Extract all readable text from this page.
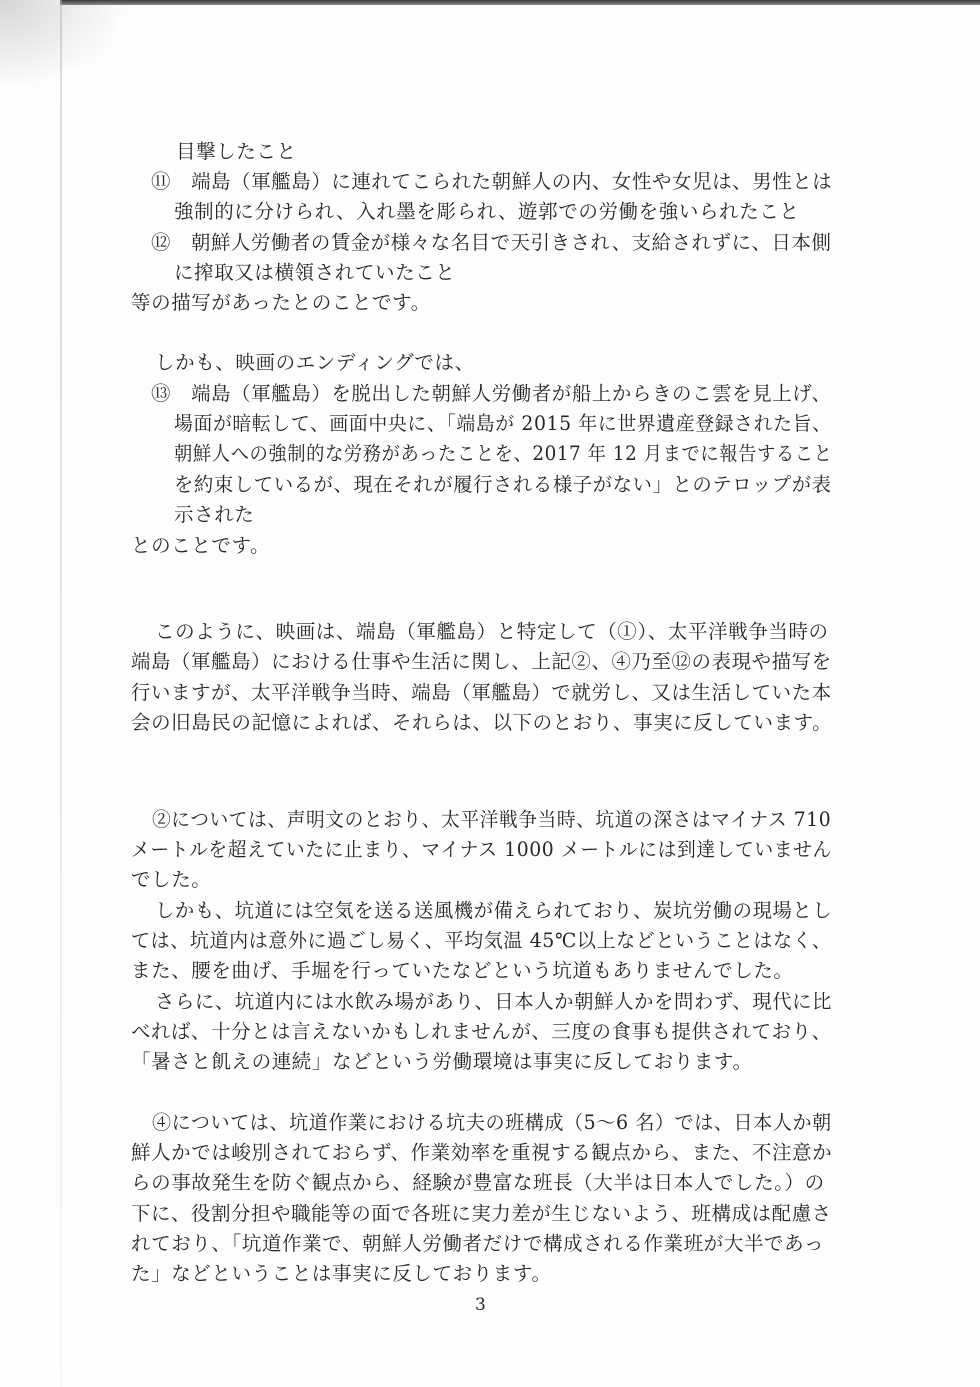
目撃したこと

⑪　端島（軍艦島）に連れてこられた朝鮮人の内、女性や女児は、男性とは

強制的に分けられ、入れ墨を彫られ、遊郭での労働を強いられたこと

⑫　朝鮮人労働者の賃金が様々な名目で天引きされ、支給されずに、日本側

に搾取又は横領されていたこと

等の描写があったとのことです。

しかも、映画のエンディングでは、

⑬　端島（軍艦島）を脱出した朝鮮人労働者が船上からきのこ雲を見上げ、

場面が暗転して、画面中央に、「端島が 2015 年に世界遺産登録された旨、

朝鮮人への強制的な労務があったことを、2017 年 12 月までに報告すること

を約束しているが、現在それが履行される様子がない」とのテロップが表

示された

とのことです。

このように、映画は、端島（軍艦島）と特定して（①）、太平洋戦争当時の

端島（軍艦島）における仕事や生活に関し、上記②、④乃至⑫の表現や描写を

行いますが、太平洋戦争当時、端島（軍艦島）で就労し、又は生活していた本

会の旧島民の記憶によれば、それらは、以下のとおり、事実に反しています。

②については、声明文のとおり、太平洋戦争当時、坑道の深さはマイナス 710

メートルを超えていたに止まり、マイナス 1000 メートルには到達していません

でした。

しかも、坑道には空気を送る送風機が備えられており、炭坑労働の現場とし

ては、坑道内は意外に過ごし易く、平均気温 45℃以上などということはなく、

また、腰を曲げ、手堀を行っていたなどという坑道もありませんでした。

さらに、坑道内には水飲み場があり、日本人か朝鮮人かを問わず、現代に比

べれば、十分とは言えないかもしれませんが、三度の食事も提供されており、

「暑さと飢えの連続」などという労働環境は事実に反しております。

④については、坑道作業における坑夫の班構成（5～6 名）では、日本人か朝

鮮人かでは峻別されておらず、作業効率を重視する観点から、また、不注意か

らの事故発生を防ぐ観点から、経験が豊富な班長（大半は日本人でした。）の

下に、役割分担や職能等の面で各班に実力差が生じないよう、班構成は配慮さ

れており、「坑道作業で、朝鮮人労働者だけで構成される作業班が大半であっ

た」などということは事実に反しております。

3
